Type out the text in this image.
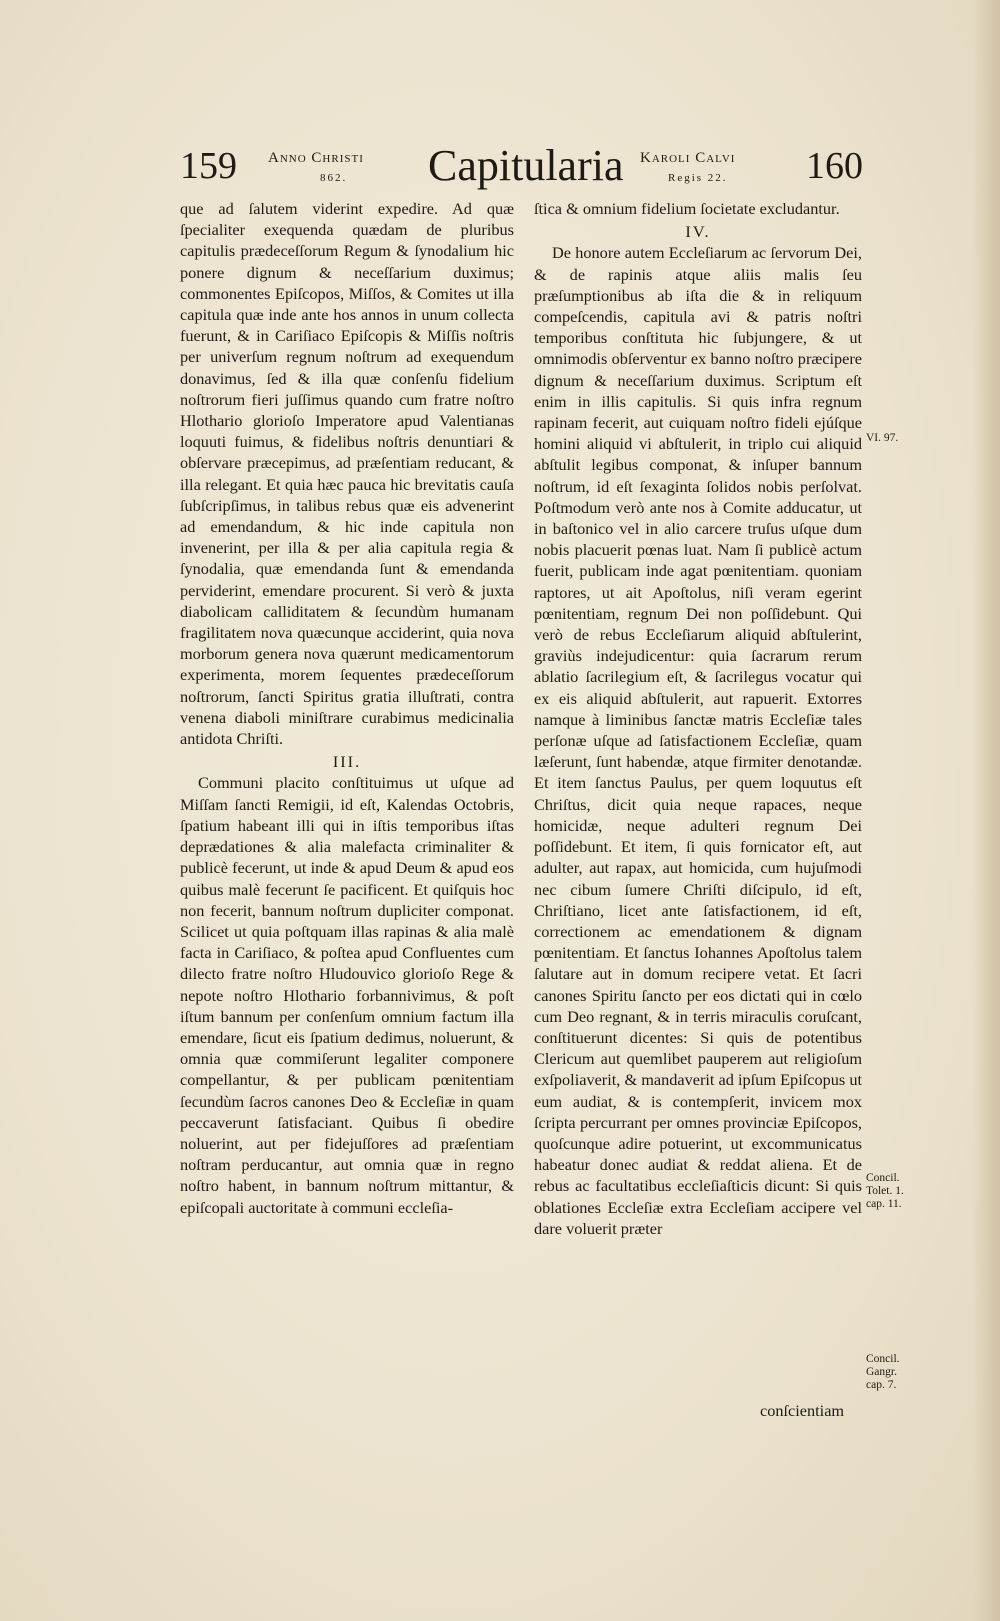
159 Anno Christi
862. Capitularia Karoli Calvi
Regis 22. 160

que ad ſalutem viderint expedire. Ad quæ ſpecialiter exequenda quædam de pluribus capitulis prædeceſſorum Regum & ſynodalium hic ponere dignum & neceſſarium duximus; commonentes Epiſcopos, Miſſos, & Comites ut illa capitula quæ inde ante hos annos in unum collecta fuerunt, & in Cariſiaco Epiſcopis & Miſſis noſtris per univerſum regnum noſtrum ad exequendum donavimus, ſed & illa quæ conſenſu fidelium noſtrorum fieri juſſimus quando cum fratre noſtro Hlothario glorioſo Imperatore apud Valentianas loquuti fuimus, & fidelibus noſtris denuntiari & obſervare præcepimus, ad præſentiam reducant, & illa relegant. Et quia hæc pauca hic brevitatis cauſa ſubſcripſimus, in talibus rebus quæ eis advenerint ad emendandum, & hic inde capitula non invenerint, per illa & per alia capitula regia & ſynodalia, quæ emendanda ſunt & emendanda perviderint, emendare procurent. Si verò & juxta diabolicam calliditatem & ſecundùm humanam fragilitatem nova quæcunque acciderint, quia nova morborum genera nova quærunt medicamentorum experimenta, morem ſequentes prædeceſſorum noſtrorum, ſancti Spiritus gratia illuſtrati, contra venena diaboli miniſtrare curabimus medicinalia antidota Chriſti.

III.

Communi placito conſtituimus ut uſque ad Miſſam ſancti Remigii, id eſt, Kalendas Octobris, ſpatium habeant illi qui in iſtis temporibus iſtas deprædationes & alia malefacta criminaliter & publicè fecerunt, ut inde & apud Deum & apud eos quibus malè fecerunt ſe pacificent. Et quiſquis hoc non fecerit, bannum noſtrum dupliciter componat. Scilicet ut quia poſtquam illas rapinas & alia malè facta in Cariſiaco, & poſtea apud Confluentes cum dilecto fratre noſtro Hludouvico glorioſo Rege & nepote noſtro Hlothario forbannivimus, & poſt iſtum bannum per conſenſum omnium factum illa emendare, ſicut eis ſpatium dedimus, noluerunt, & omnia quæ commiſerunt legaliter componere compellantur, & per publicam pœnitentiam ſecundùm ſacros canones Deo & Eccleſiæ in quam peccaverunt ſatisfaciant. Quibus ſi obedire noluerint, aut per fidejuſſores ad præſentiam noſtram perducantur, aut omnia quæ in regno noſtro habent, in bannum noſtrum mittantur, & epiſcopali auctoritate à communi eccleſia-

ſtica & omnium fidelium ſocietate excludantur.

IV.

De honore autem Eccleſiarum ac ſervorum Dei, & de rapinis atque aliis malis ſeu præſumptionibus ab iſta die & in reliquum compeſcendis, capitula avi & patris noſtri temporibus conſtituta hic ſubjungere, & ut omnimodis obſerventur ex banno noſtro præcipere dignum & neceſſarium duximus. Scriptum eſt enim in illis capitulis. Si quis infra regnum rapinam fecerit, aut cuiquam noſtro fideli ejúſque homini aliquid vi abſtulerit, in triplo cui aliquid abſtulit legibus componat, & inſuper bannum noſtrum, id eſt ſexaginta ſolidos nobis perſolvat. Poſtmodum verò ante nos à Comite adducatur, ut in baſtonico vel in alio carcere truſus uſque dum nobis placuerit pœnas luat. Nam ſi publicè actum fuerit, publicam inde agat pœnitentiam. quoniam raptores, ut ait Apoſtolus, niſi veram egerint pœnitentiam, regnum Dei non poſſidebunt. Qui verò de rebus Eccleſiarum aliquid abſtulerint, graviùs indejudicentur: quia ſacrarum rerum ablatio ſacrilegium eſt, & ſacrilegus vocatur qui ex eis aliquid abſtulerit, aut rapuerit. Extorres namque à liminibus ſanctæ matris Eccleſiæ tales perſonæ uſque ad ſatisfactionem Eccleſiæ, quam læſerunt, ſunt habendæ, atque firmiter denotandæ. Et item ſanctus Paulus, per quem loquutus eſt Chriſtus, dicit quia neque rapaces, neque homicidæ, neque adulteri regnum Dei poſſidebunt. Et item, ſi quis fornicator eſt, aut adulter, aut rapax, aut homicida, cum hujuſmodi nec cibum ſumere Chriſti diſcipulo, id eſt, Chriſtiano, licet ante ſatisfactionem, id eſt, correctionem ac emendationem & dignam pœnitentiam. Et ſanctus Iohannes Apoſtolus talem ſalutare aut in domum recipere vetat. Et ſacri canones Spiritu ſancto per eos dictati qui in cœlo cum Deo regnant, & in terris miraculis coruſcant, conſtituerunt dicentes: Si quis de potentibus Clericum aut quemlibet pauperem aut religioſum exſpoliaverit, & mandaverit ad ipſum Epiſcopus ut eum audiat, & is contempſerit, invicem mox ſcripta percurrant per omnes provinciæ Epiſcopos, quoſcunque adire potuerint, ut excommunicatus habeatur donec audiat & reddat aliena. Et de rebus ac facultatibus eccleſiaſticis dicunt: Si quis oblationes Eccleſiæ extra Eccleſiam accipere vel dare voluerit præter

VI. 97.
Concil.
Tolet. 1.
cap. 11.
Concil.
Gangr.
cap. 7.
conſcientiam
